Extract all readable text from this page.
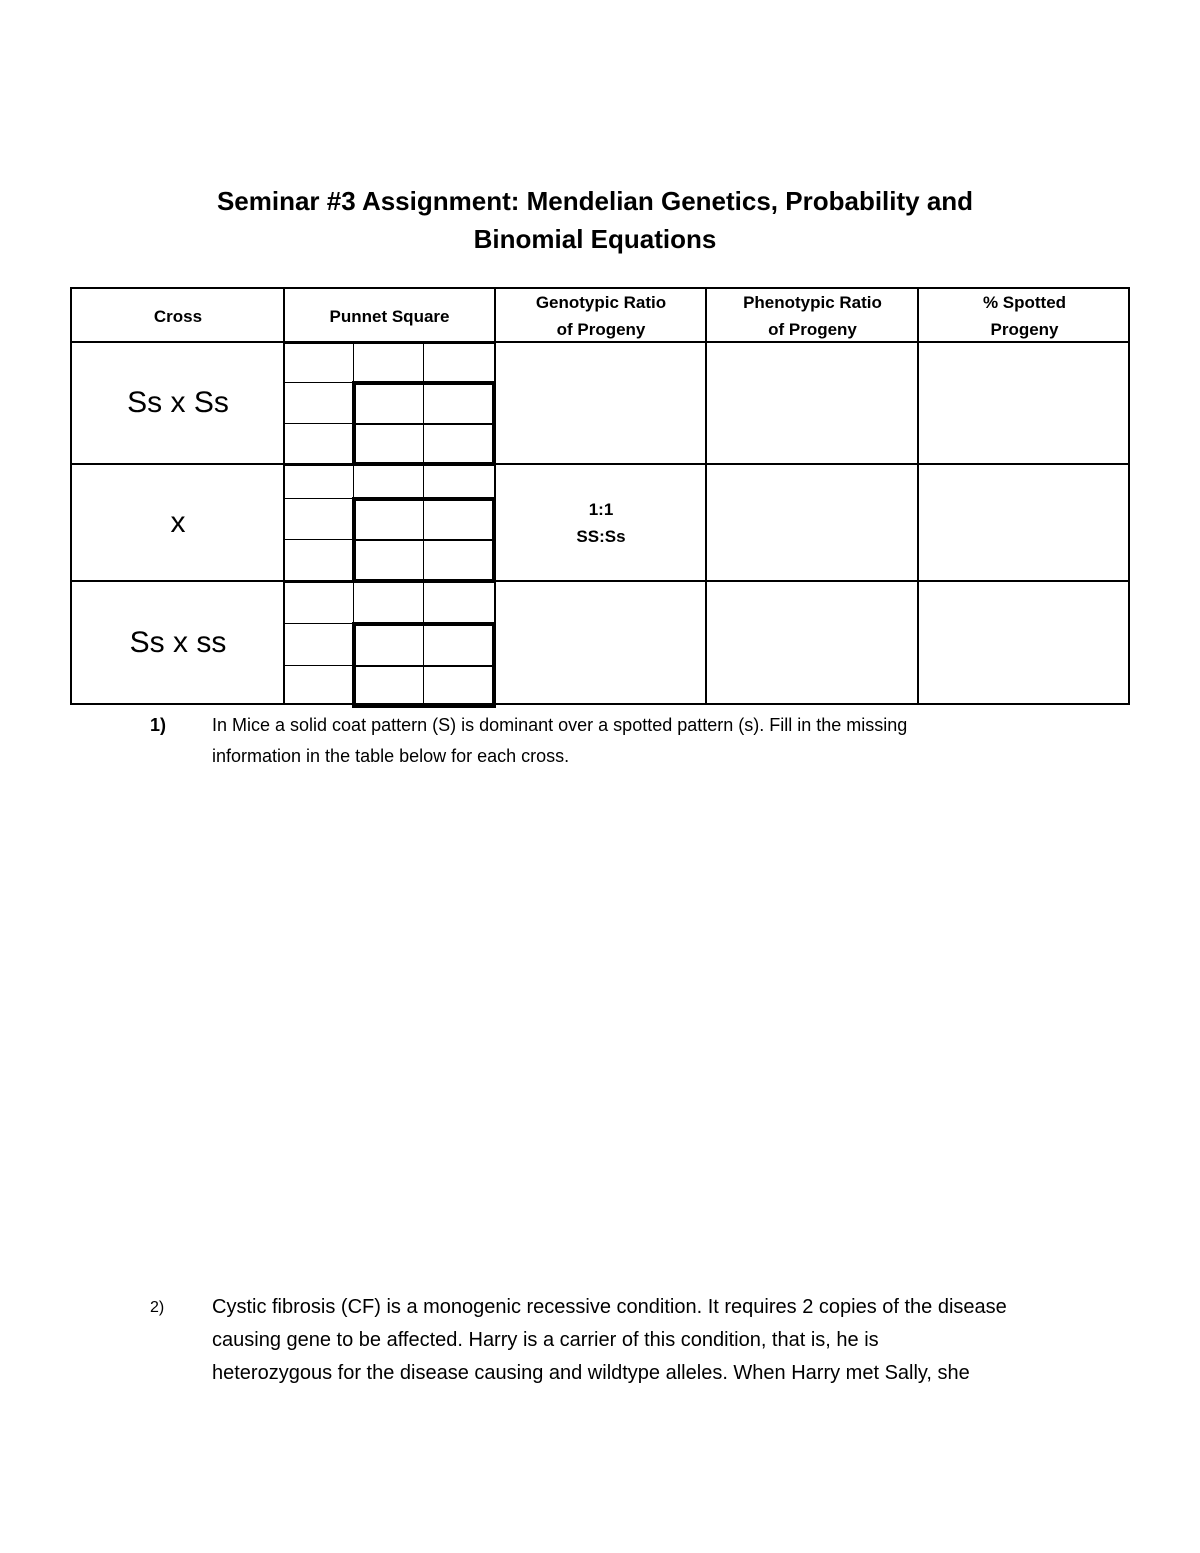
Seminar #3 Assignment: Mendelian Genetics, Probability and
Binomial Equations
Cross	Punnet Square
Genotypic Ratio
of Progeny
Phenotypic Ratio
of Progeny
% Spotted
Progeny
Ss x Ss
x
Ss x ss
1:1
SS:Ss
1)	In Mice a solid coat pattern (S) is dominant over a spotted pattern (s). Fill in the missing
information in the table below for each cross.
2) Cystic fibrosis (CF) is a monogenic recessive condition. It requires 2 copies of the disease
causing gene to be affected. Harry is a carrier of this condition, that is, he is
heterozygous for the disease causing and wildtype alleles. When Harry met Sally, she
